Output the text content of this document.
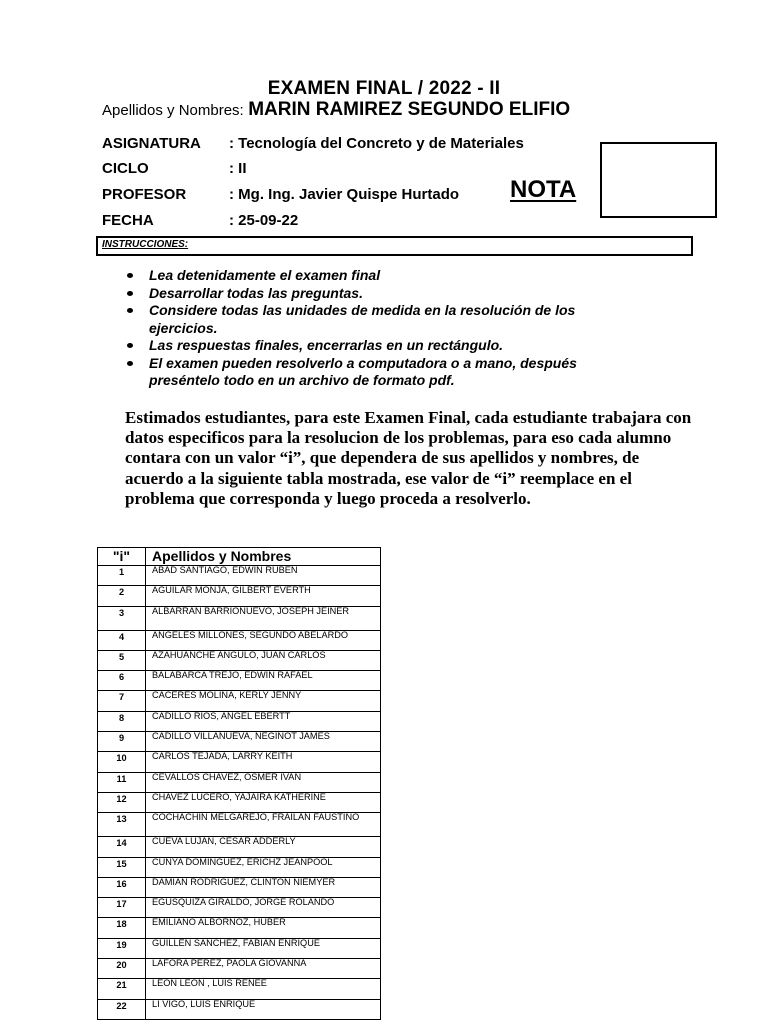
EXAMEN FINAL / 2022 - II
Apellidos y Nombres: MARIN RAMIREZ SEGUNDO ELIFIO
ASIGNATURA : Tecnología del Concreto y de Materiales
CICLO	: II
PROFESOR	: Mg. Ing. Javier Quispe Hurtado
FECHA	: 25-09-22
NOTA
INSTRUCCIONES:
Lea detenidamente el examen final
Desarrollar todas las preguntas.
Considere todas las unidades de medida en la resolución de los ejercicios.
Las respuestas finales, encerrarlas en un rectángulo.
El examen pueden resolverlo a computadora o a mano, después preséntelo todo en un archivo de formato pdf.
Estimados estudiantes, para este Examen Final, cada estudiante trabajara con datos especificos para la resolucion de los problemas, para eso cada alumno contara con un valor “i”, que dependera de sus apellidos y nombres, de acuerdo a la siguiente tabla mostrada, ese valor de “i” reemplace en el problema que corresponda y luego proceda a resolverlo.
"i"	Apellidos y Nombres
1	ABAD SANTIAGO, EDWIN RUBEN
2	AGUILAR MONJA, GILBERT EVERTH
3	ALBARRAN BARRIONUEVO, JOSEPH JEINER
4	ANGELES MILLONES, SEGUNDO ABELARDO
5	AZAHUANCHE ANGULO, JUAN CARLOS
6	BALABARCA TREJO, EDWIN RAFAEL
7	CACERES MOLINA, KERLY JENNY
8	CADILLO RIOS, ANGEL EBERTT
9	CADILLO VILLANUEVA, NEGINOT JAMES
10	CARLOS TEJADA, LARRY KEITH
11	CEVALLOS CHAVEZ, OSMER IVAN
12	CHAVEZ LUCERO, YAJAIRA KATHERINE
13	COCHACHIN MELGAREJO, FRAILAN FAUSTINO
14	CUEVA LUJAN, CESAR ADDERLY
15	CUNYA DOMINGUEZ, ERICHZ JEANPOOL
16	DAMIAN RODRIGUEZ, CLINTON NIEMYER
17	EGUSQUIZA GIRALDO, JORGE ROLANDO
18	EMILIANO ALBORNOZ, HUBER
19	GUILLEN SANCHEZ, FABIAN ENRIQUE
20	LAFORA PEREZ, PAOLA GIOVANNA
21	LEON LEON , LUIS RENEE
22	LI VIGO, LUIS ENRIQUE
